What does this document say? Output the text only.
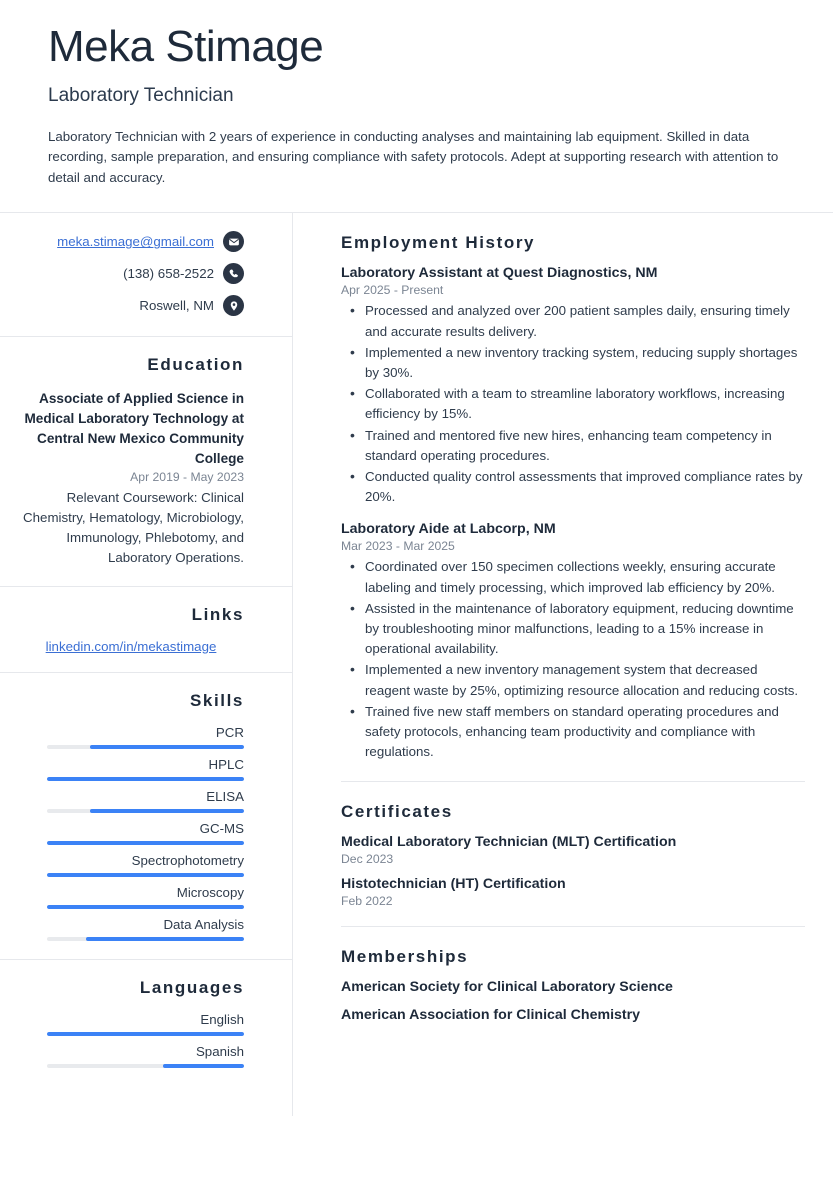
Meka Stimage
Laboratory Technician
Laboratory Technician with 2 years of experience in conducting analyses and maintaining lab equipment. Skilled in data recording, sample preparation, and ensuring compliance with safety protocols. Adept at supporting research with attention to detail and accuracy.
meka.stimage@gmail.com
(138) 658-2522
Roswell, NM
Education
Associate of Applied Science in Medical Laboratory Technology at Central New Mexico Community College
Apr 2019 - May 2023
Relevant Coursework: Clinical Chemistry, Hematology, Microbiology, Immunology, Phlebotomy, and Laboratory Operations.
Links
linkedin.com/in/mekastimage
Skills
PCR
HPLC
ELISA
GC-MS
Spectrophotometry
Microscopy
Data Analysis
Languages
English
Spanish
Employment History
Laboratory Assistant at Quest Diagnostics, NM
Apr 2025 - Present
• Processed and analyzed over 200 patient samples daily, ensuring timely and accurate results delivery.
• Implemented a new inventory tracking system, reducing supply shortages by 30%.
• Collaborated with a team to streamline laboratory workflows, increasing efficiency by 15%.
• Trained and mentored five new hires, enhancing team competency in standard operating procedures.
• Conducted quality control assessments that improved compliance rates by 20%.
Laboratory Aide at Labcorp, NM
Mar 2023 - Mar 2025
• Coordinated over 150 specimen collections weekly, ensuring accurate labeling and timely processing, which improved lab efficiency by 20%.
• Assisted in the maintenance of laboratory equipment, reducing downtime by troubleshooting minor malfunctions, leading to a 15% increase in operational availability.
• Implemented a new inventory management system that decreased reagent waste by 25%, optimizing resource allocation and reducing costs.
• Trained five new staff members on standard operating procedures and safety protocols, enhancing team productivity and compliance with regulations.
Certificates
Medical Laboratory Technician (MLT) Certification
Dec 2023
Histotechnician (HT) Certification
Feb 2022
Memberships
American Society for Clinical Laboratory Science
American Association for Clinical Chemistry
